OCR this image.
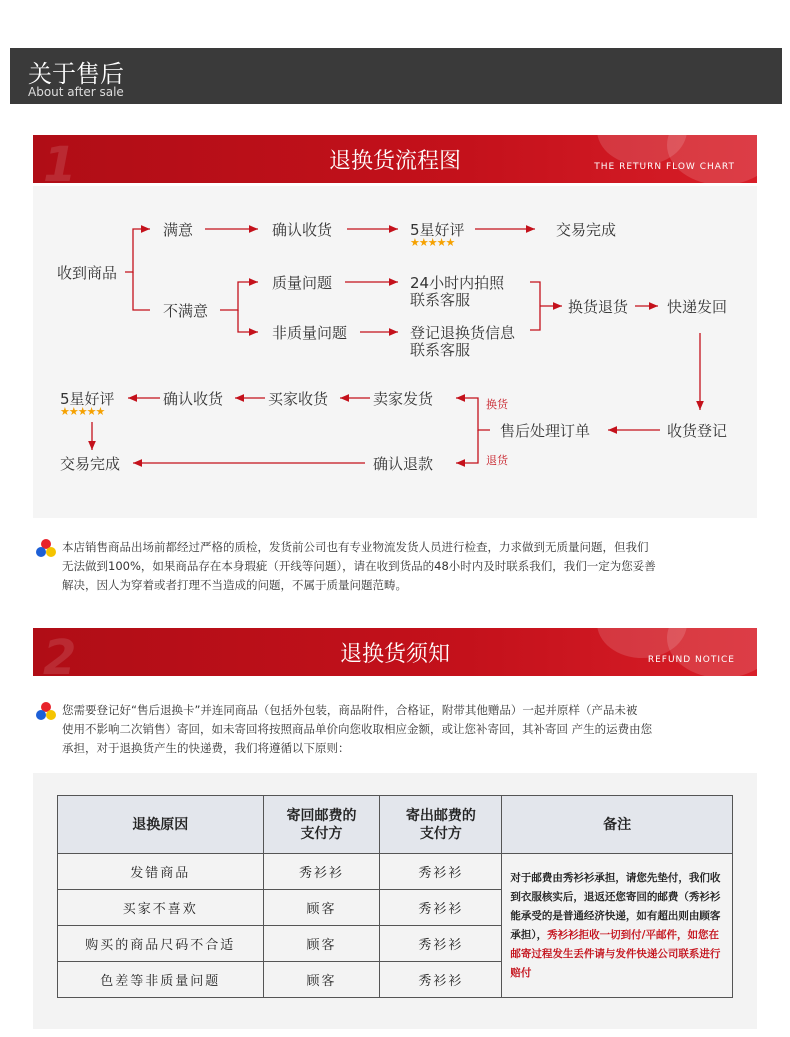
关于售后
About after sale
1	退换货流程图	THE RETURN FLOW CHART
收到商品
满意	确认收货	5星好评
★★★★★
交易完成
不满意
质量问题	24小时内拍照
联系客服
非质量问题	登记退换货信息
联系客服
换货退货	快递发回
收货登记
售后处理订单
换货
退货
卖家发货
买家收货
确认收货
5星好评
★★★★★
确认退款
交易完成
本店销售商品出场前都经过严格的质检，发货前公司也有专业物流发货人员进行检查，力求做到无质量问题，但我们
无法做到100%，如果商品存在本身瑕疵（开线等问题），请在收到货品的48小时内及时联系我们，我们一定为您妥善
解决，因人为穿着或者打理不当造成的问题，不属于质量问题范畴。
2	退换货须知	REFUND NOTICE
您需要登记好“售后退换卡”并连同商品（包括外包装，商品附件，合格证，附带其他赠品）一起并原样（产品未被
使用不影响二次销售）寄回，如未寄回将按照商品单价向您收取相应金额，或让您补寄回，其补寄回 产生的运费由您
承担，对于退换货产生的快递费，我们将遵循以下原则：
退换原因	寄回邮费的支付方	寄出邮费的支付方	备注
发错商品	秀衫衫	秀衫衫	对于邮费由秀衫衫承担，请您先垫付，我们收到衣服核实后，退返还您寄回的邮费（秀衫衫能承受的是普通经济快递，如有超出则由顾客承担），秀衫衫拒收一切到付/平邮件，如您在邮寄过程发生丢件请与发件快递公司联系进行赔付
买家不喜欢	顾客	秀衫衫	
购买的商品尺码不合适	顾客	秀衫衫	
色差等非质量问题	顾客	秀衫衫	
